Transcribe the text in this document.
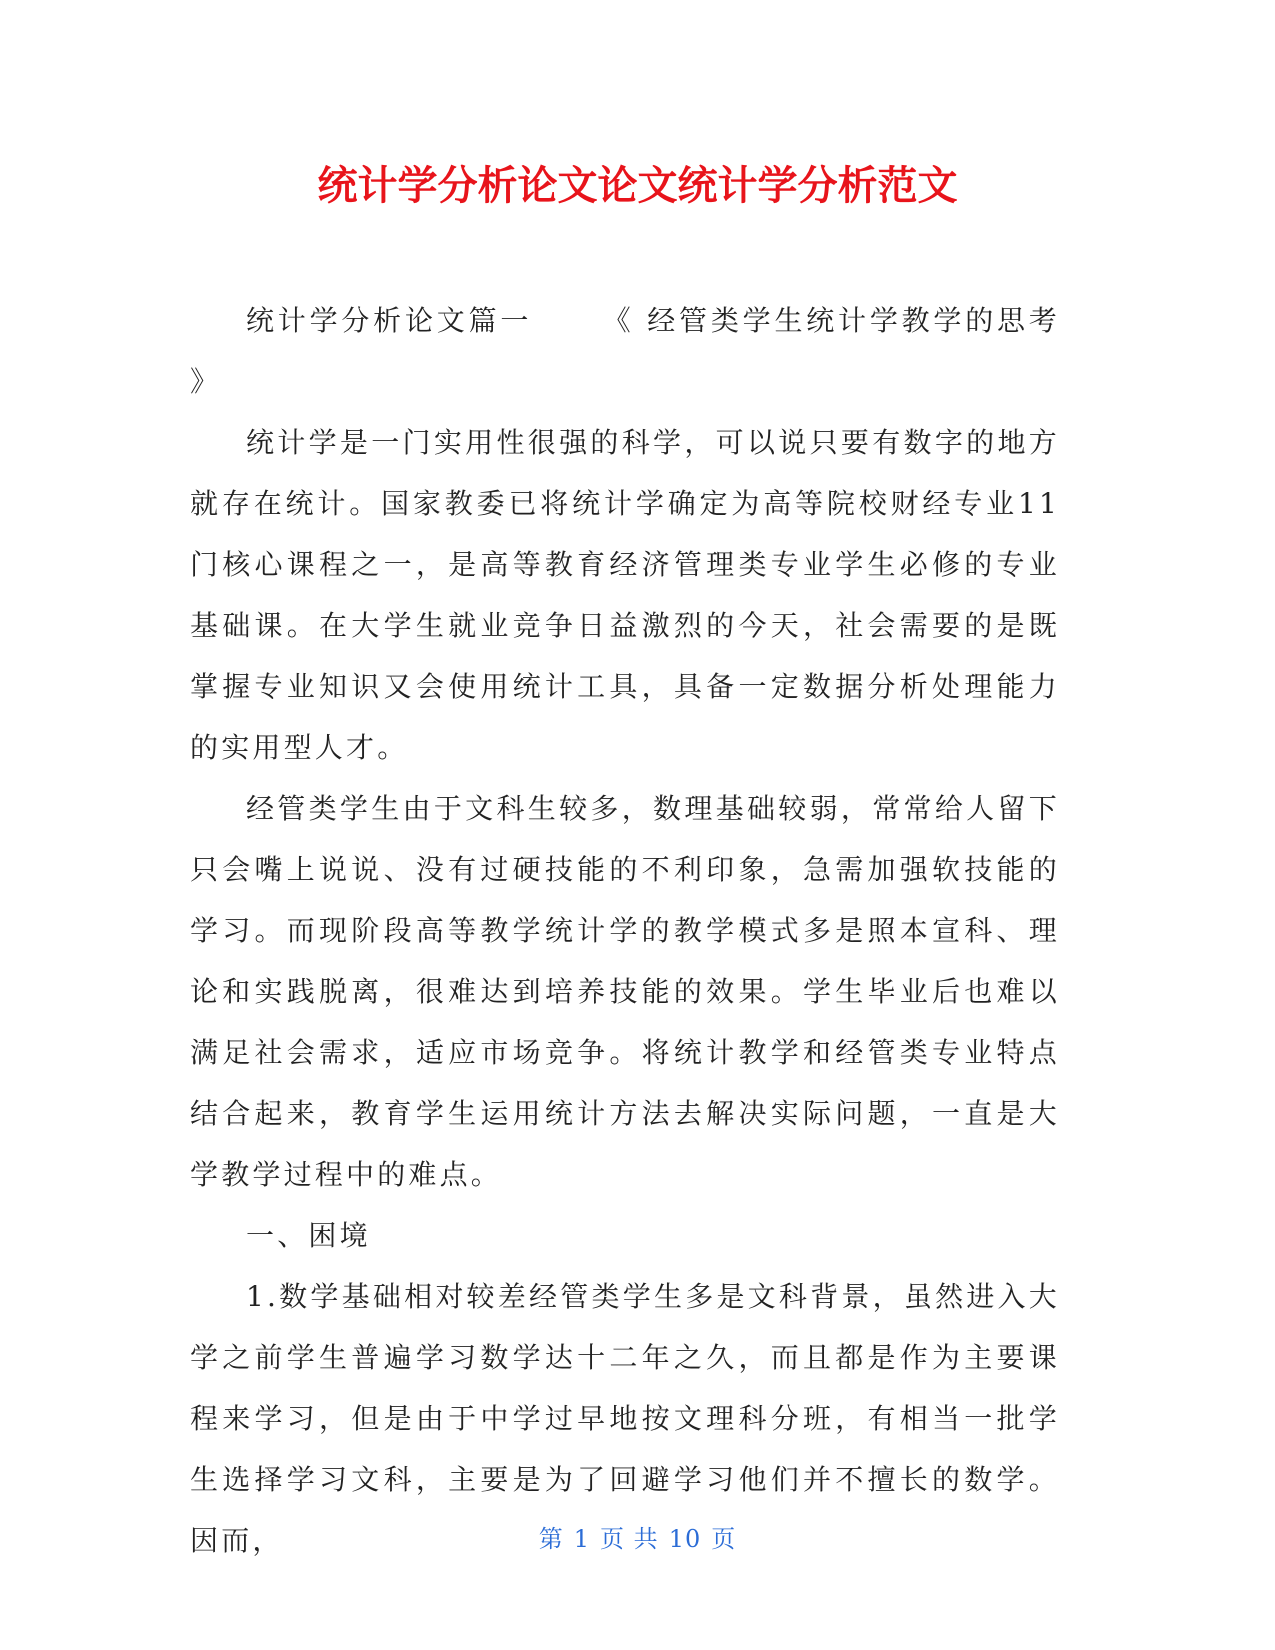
统计学分析论文论文统计学分析范文

统计学分析论文篇一	《 经管类学生统计学教学的思考 》

统计学是一门实用性很强的科学，可以说只要有数字的地方就存在统计。国家教委已将统计学确定为高等院校财经专业11门核心课程之一，是高等教育经济管理类专业学生必修的专业基础课。在大学生就业竞争日益激烈的今天，社会需要的是既掌握专业知识又会使用统计工具，具备一定数据分析处理能力的实用型人才。

经管类学生由于文科生较多，数理基础较弱，常常给人留下只会嘴上说说、没有过硬技能的不利印象，急需加强软技能的学习。而现阶段高等教学统计学的教学模式多是照本宣科、理论和实践脱离，很难达到培养技能的效果。学生毕业后也难以满足社会需求，适应市场竞争。将统计教学和经管类专业特点结合起来，教育学生运用统计方法去解决实际问题，一直是大学教学过程中的难点。

一、困境

1.数学基础相对较差经管类学生多是文科背景，虽然进入大学之前学生普遍学习数学达十二年之久，而且都是作为主要课程来学习，但是由于中学过早地按文理科分班，有相当一批学生选择学习文科，主要是为了回避学习他们并不擅长的数学。因而，	第 1 页 共 10 页
